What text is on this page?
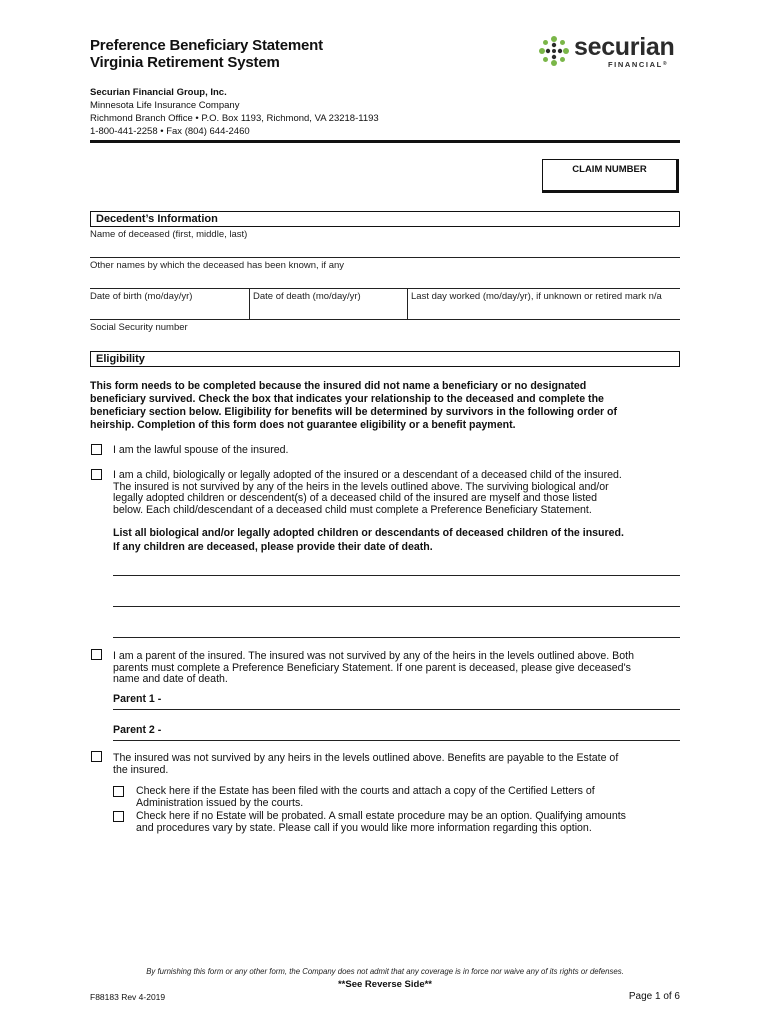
Preference Beneficiary Statement
Virginia Retirement System
securian
FINANCIAL®
Securian Financial Group, Inc.
Minnesota Life Insurance Company
Richmond Branch Office • P.O. Box 1193, Richmond, VA 23218-1193
1-800-441-2258 • Fax (804) 644-2460
CLAIM NUMBER
Decedent’s Information
Name of deceased (first, middle, last)
Other names by which the deceased has been known, if any
Date of birth (mo/day/yr)	Date of death (mo/day/yr)	Last day worked (mo/day/yr), if unknown or retired mark n/a
Social Security number
Eligibility
This form needs to be completed because the insured did not name a beneficiary or no designated
beneficiary survived. Check the box that indicates your relationship to the deceased and complete the
beneficiary section below. Eligibility for benefits will be determined by survivors in the following order of
heirship. Completion of this form does not guarantee eligibility or a benefit payment.
I am the lawful spouse of the insured.
I am a child, biologically or legally adopted of the insured or a descendant of a deceased child of the insured.
The insured is not survived by any of the heirs in the levels outlined above. The surviving biological and/or
legally adopted children or descendent(s) of a deceased child of the insured are myself and those listed
below. Each child/descendant of a deceased child must complete a Preference Beneficiary Statement.
List all biological and/or legally adopted children or descendants of deceased children of the insured.
If any children are deceased, please provide their date of death.
I am a parent of the insured. The insured was not survived by any of the heirs in the levels outlined above. Both
parents must complete a Preference Beneficiary Statement. If one parent is deceased, please give deceased's
name and date of death.
Parent 1 -
Parent 2 -
The insured was not survived by any heirs in the levels outlined above. Benefits are payable to the Estate of
the insured.
Check here if the Estate has been filed with the courts and attach a copy of the Certified Letters of
Administration issued by the courts.
Check here if no Estate will be probated. A small estate procedure may be an option. Qualifying amounts
and procedures vary by state. Please call if you would like more information regarding this option.
By furnishing this form or any other form, the Company does not admit that any coverage is in force nor waive any of its rights or defenses.
**See Reverse Side**
F88183 Rev 4-2019	Page 1 of 6
